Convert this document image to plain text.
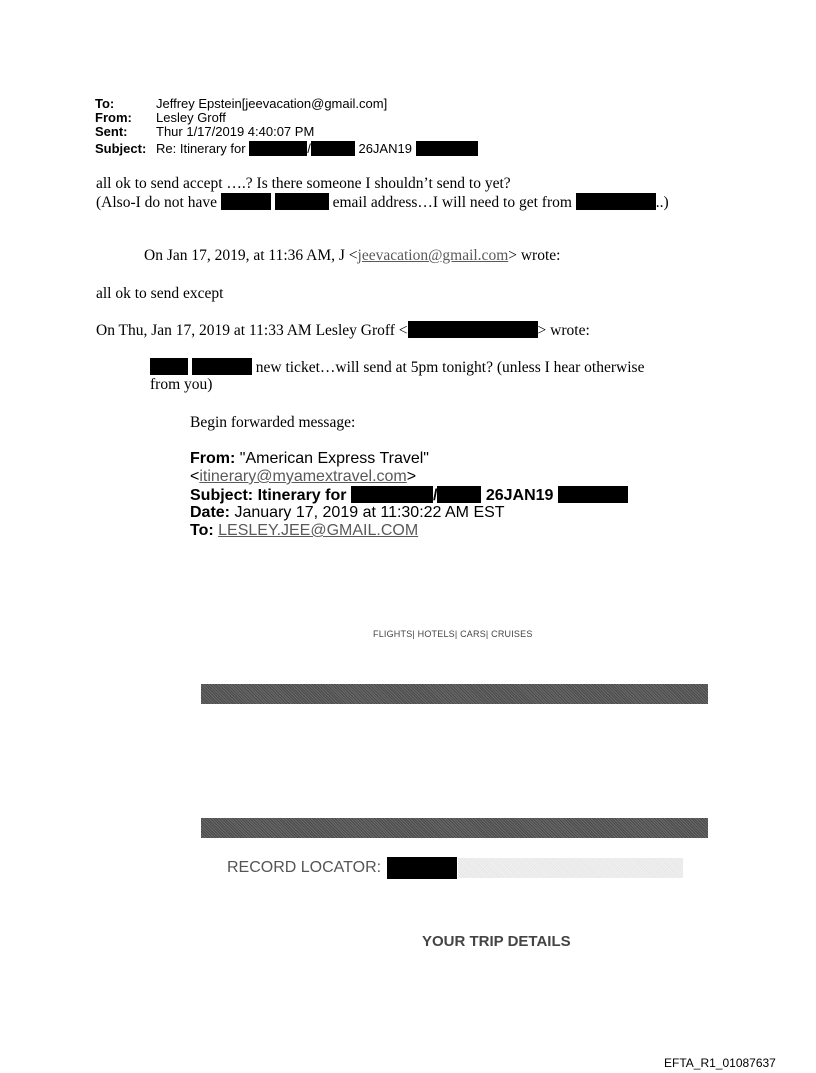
To:	Jeffrey Epstein[jeevacation@gmail.com]
From: Lesley Groff
Sent: Thur 1/17/2019 4:40:07 PM
Subject: Re: Itinerary for	/	26JAN19
all ok to send accept ….? Is there someone I shouldn’t send to yet?
(Also-I do not have	email address…I will need to get from	..)
On Jan 17, 2019, at 11:36 AM, J <jeevacation@gmail.com> wrote:
all ok to send except
On Thu, Jan 17, 2019 at 11:33 AM Lesley Groff <	> wrote:
new ticket…will send at 5pm tonight? (unless I hear otherwise
from you)
Begin forwarded message:
From: "American Express Travel"
<itinerary@myamextravel.com>
Subject: Itinerary for	/	26JAN19
Date: January 17, 2019 at 11:30:22 AM EST
To: LESLEY.JEE@GMAIL.COM
FLIGHTS| HOTELS| CARS| CRUISES
RECORD LOCATOR:
YOUR TRIP DETAILS
EFTA_R1_01087637
